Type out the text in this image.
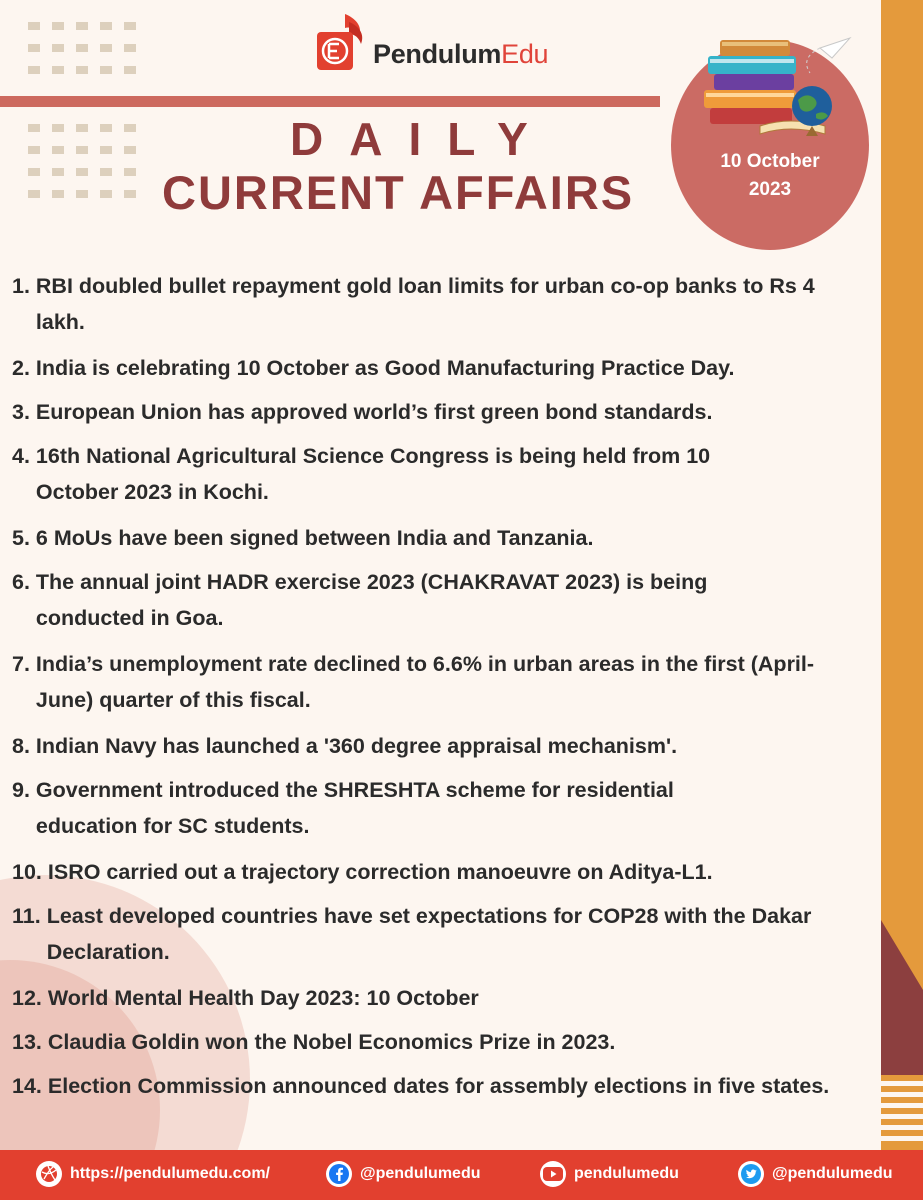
PendulumEdu
DAILY
CURRENT AFFAIRS
10 October
2023
1. RBI doubled bullet repayment gold loan limits for urban co-op banks to Rs 4 lakh.
2. India is celebrating 10 October as Good Manufacturing Practice Day.
3. European Union has approved world’s first green bond standards.
4. 16th National Agricultural Science Congress is being held from 10 October 2023 in Kochi.
5. 6 MoUs have been signed between India and Tanzania.
6. The annual joint HADR exercise 2023 (CHAKRAVAT 2023) is being conducted in Goa.
7. India’s unemployment rate declined to 6.6% in urban areas in the first (April-June) quarter of this fiscal.
8. Indian Navy has launched a '360 degree appraisal mechanism'.
9. Government introduced the SHRESHTA scheme for residential education for SC students.
10. ISRO carried out a trajectory correction manoeuvre on Aditya-L1.
11. Least developed countries have set expectations for COP28 with the Dakar Declaration.
12. World Mental Health Day 2023: 10 October
13. Claudia Goldin won the Nobel Economics Prize in 2023.
14. Election Commission announced dates for assembly elections in five states.
https://pendulumedu.com/	@pendulumedu	pendulumedu	@pendulumedu
